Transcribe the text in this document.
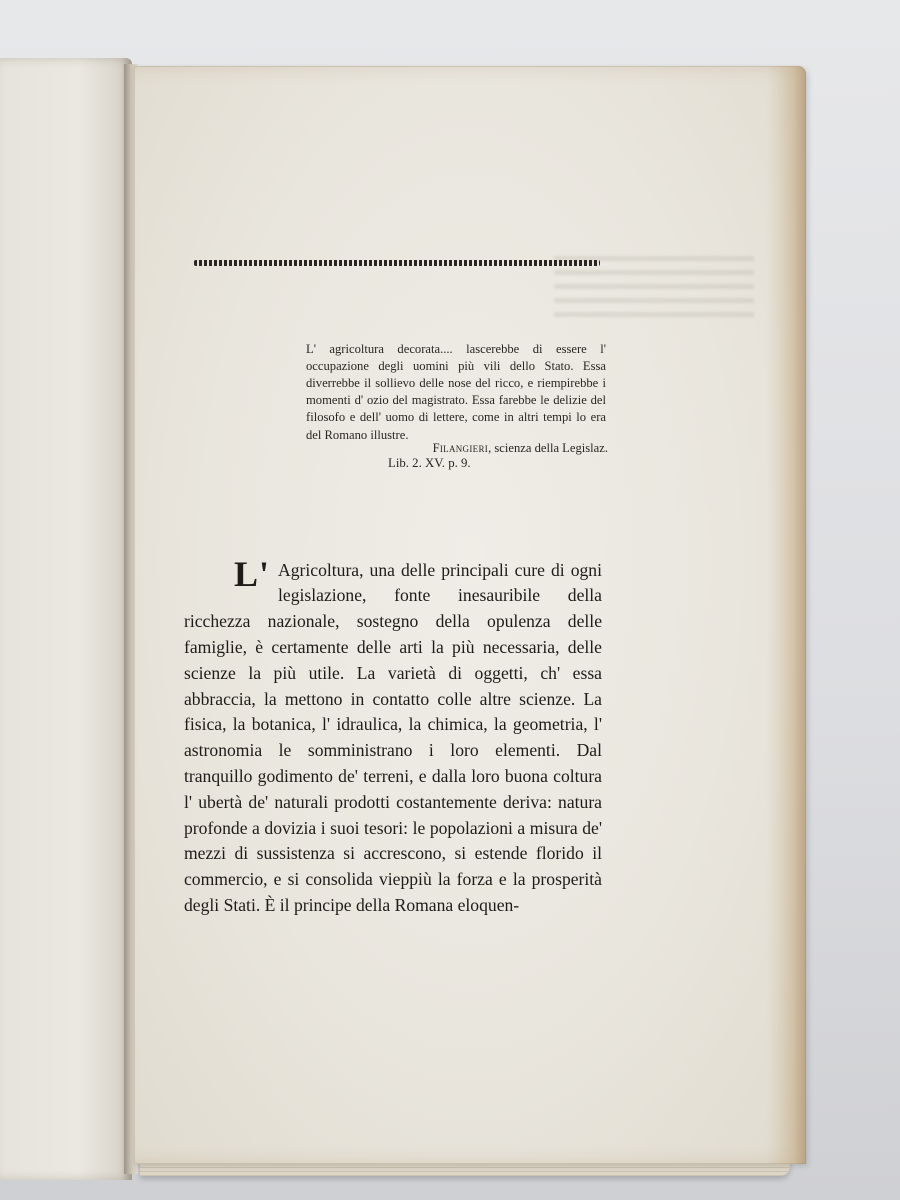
L' agricoltura decorata.... lascerebbe di essere l' occupazione degli uomini più vili dello Stato. Essa diverrebbe il sollievo delle nose del ricco, e riempirebbe i momenti d' ozio del magistrato. Essa farebbe le delizie del filosofo e dell' uomo di lettere, come in altri tempi lo era del Romano illustre.

Filangieri, scienza della Legislaz.
Lib. 2. XV. p. 9.

L' Agricoltura, una delle principali cure di ogni legislazione, fonte inesauribile della ricchezza nazionale, sostegno della opulenza delle famiglie, è certamente delle arti la più necessaria, delle scienze la più utile. La varietà di oggetti, ch' essa abbraccia, la mettono in contatto colle altre scienze. La fisica, la botanica, l' idraulica, la chimica, la geometria, l' astronomia le somministrano i loro elementi. Dal tranquillo godimento de' terreni, e dalla loro buona coltura l' ubertà de' naturali prodotti costantemente deriva: natura profonde a dovizia i suoi tesori: le popolazioni a misura de' mezzi di sussistenza si accrescono, si estende florido il commercio, e si consolida vieppiù la forza e la prosperità degli Stati. È il principe della Romana eloquen-
